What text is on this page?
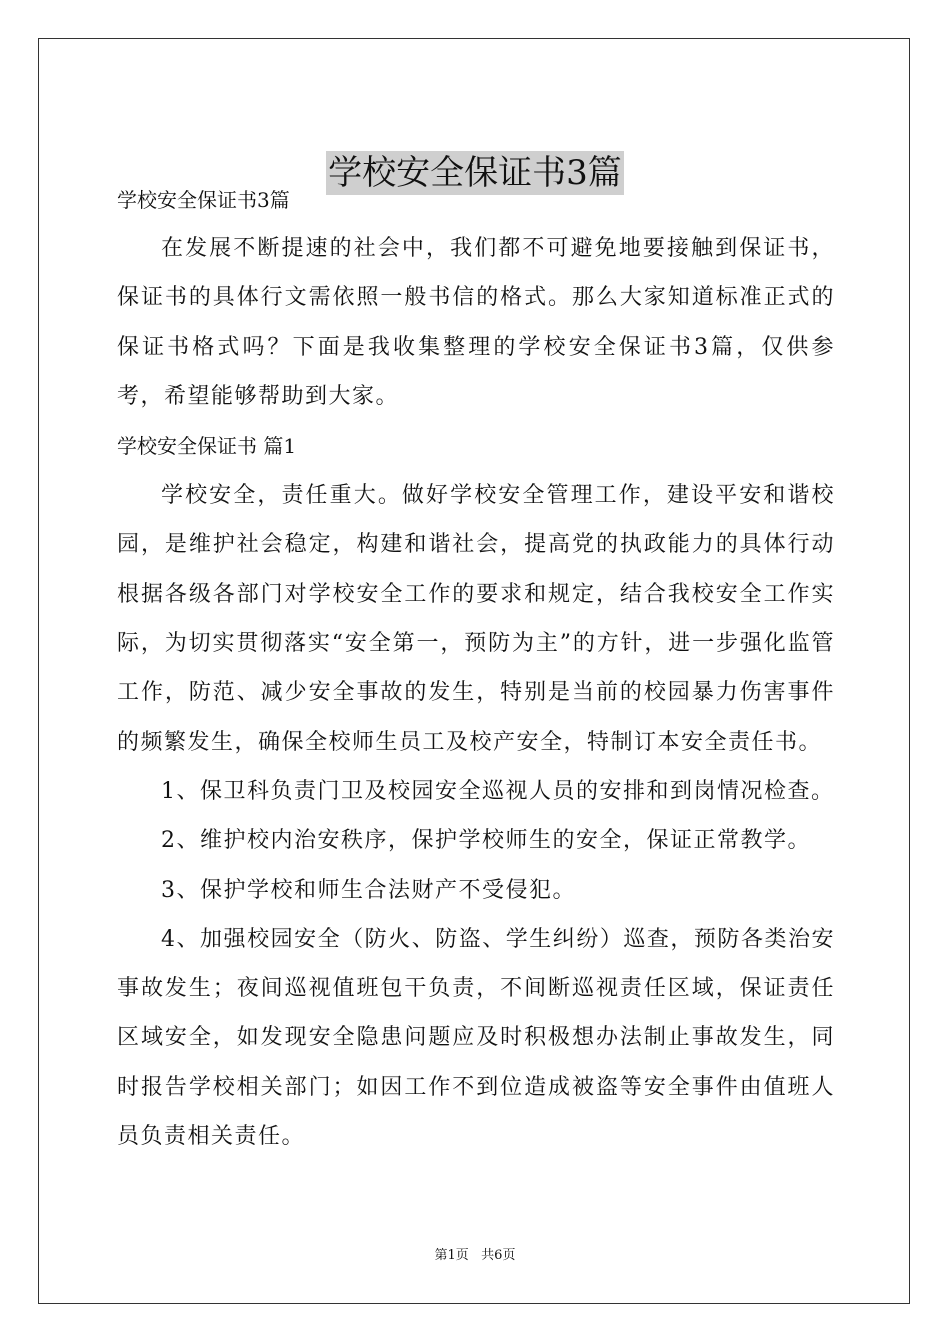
学校安全保证书3篇

学校安全保证书3篇

在发展不断提速的社会中，我们都不可避免地要接触到保证书，保证书的具体行文需依照一般书信的格式。那么大家知道标准正式的保证书格式吗？下面是我收集整理的学校安全保证书3篇，仅供参考，希望能够帮助到大家。

学校安全保证书 篇1

学校安全，责任重大。做好学校安全管理工作，建设平安和谐校园，是维护社会稳定，构建和谐社会，提高党的执政能力的具体行动根据各级各部门对学校安全工作的要求和规定，结合我校安全工作实际，为切实贯彻落实“安全第一，预防为主”的方针，进一步强化监管工作，防范、减少安全事故的发生，特别是当前的校园暴力伤害事件的频繁发生，确保全校师生员工及校产安全，特制订本安全责任书。

1、保卫科负责门卫及校园安全巡视人员的安排和到岗情况检查。

2、维护校内治安秩序，保护学校师生的安全，保证正常教学。

3、保护学校和师生合法财产不受侵犯。

4、加强校园安全（防火、防盗、学生纠纷）巡查，预防各类治安事故发生；夜间巡视值班包干负责，不间断巡视责任区域，保证责任区域安全，如发现安全隐患问题应及时积极想办法制止事故发生，同时报告学校相关部门；如因工作不到位造成被盗等安全事件由值班人员负责相关责任。

第1页   共6页
